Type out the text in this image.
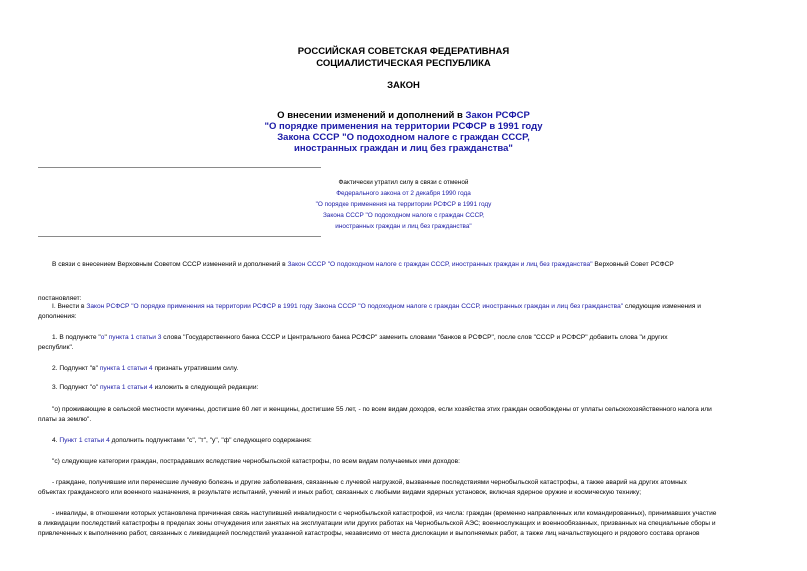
РОССИЙСКАЯ СОВЕТСКАЯ ФЕДЕРАТИВНАЯ
СОЦИАЛИСТИЧЕСКАЯ РЕСПУБЛИКА
ЗАКОН
О внесении изменений и дополнений в Закон РСФСР
"О порядке применения на территории РСФСР в 1991 году
Закона СССР "О подоходном налоге с граждан СССР,
иностранных граждан и лиц без гражданства"
Фактически утратил силу в связи с отменой
Федерального закона от 2 декабря 1990 года
"О порядке применения на территории РСФСР в 1991 году
Закона СССР "О подоходном налоге с граждан СССР,
иностранных граждан и лиц без гражданства"
В связи с внесением Верховным Советом СССР изменений и дополнений в Закон СССР "О подоходном налоге с граждан СССР, иностранных граждан и лиц без гражданства" Верховный Совет РСФСР
постановляет:
I. Внести в Закон РСФСР "О порядке применения на территории РСФСР в 1991 году Закона СССР "О подоходном налоге с граждан СССР, иностранных граждан и лиц без гражданства" следующие изменения и
дополнения:
1. В подпункте "о" пункта 1 статьи 3 слова "Государственного банка СССР и Центрального банка РСФСР" заменить словами "банков в РСФСР", после слов "СССР и РСФСР" добавить слова "и других
республик".
2. Подпункт "в" пункта 1 статьи 4 признать утратившим силу.
3. Подпункт "о" пункта 1 статьи 4 изложить в следующей редакции:
"о) проживающие в сельской местности мужчины, достигшие 60 лет и женщины, достигшие 55 лет, - по всем видам доходов, если хозяйства этих граждан освобождены от уплаты сельскохозяйственного налога или
платы за землю".
4. Пункт 1 статьи 4 дополнить подпунктами "с", "т", "у", "ф" следующего содержания:
"с) следующие категории граждан, пострадавших вследствие чернобыльской катастрофы, по всем видам получаемых ими доходов:
- граждане, получившие или перенесшие лучевую болезнь и другие заболевания, связанные с лучевой нагрузкой, вызванные последствиями чернобыльской катастрофы, а также аварий на других атомных
объектах гражданского или военного назначения, в результате испытаний, учений и иных работ, связанных с любыми видами ядерных установок, включая ядерное оружие и космическую технику;
- инвалиды, в отношении которых установлена причинная связь наступившей инвалидности с чернобыльской катастрофой, из числа: граждан (временно направленных или командированных), принимавших участие
в ликвидации последствий катастрофы в пределах зоны отчуждения или занятых на эксплуатации или других работах на Чернобыльской АЭС; военнослужащих и военнообязанных, призванных на специальные сборы и
привлеченных к выполнению работ, связанных с ликвидацией последствий указанной катастрофы, независимо от места дислокации и выполняемых работ, а также лиц начальствующего и рядового состава органов
